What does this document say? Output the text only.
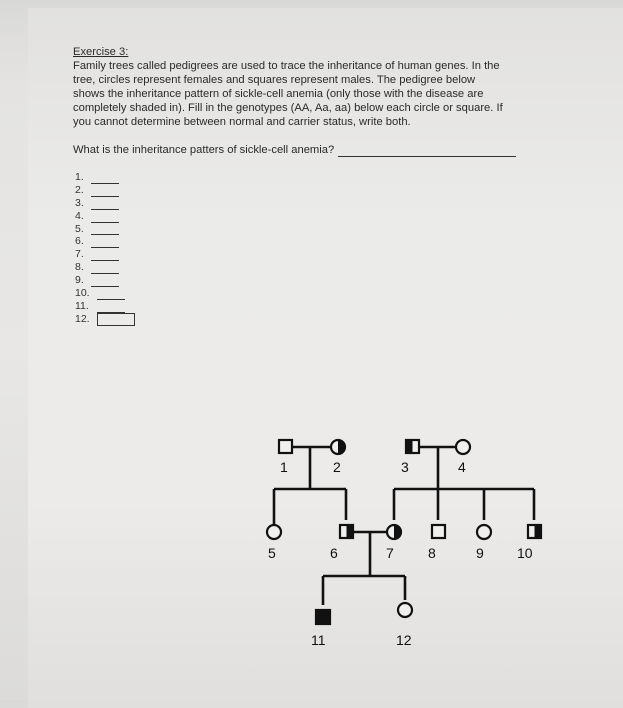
Exercise 3:

Family trees called pedigrees are used to trace the inheritance of human genes. In the
tree, circles represent females and squares represent males. The pedigree below
shows the inheritance pattern of sickle-cell anemia (only those with the disease are
completely shaded in). Fill in the genotypes (AA, Aa, aa) below each circle or square. If
you cannot determine between normal and carrier status, write both.

What is the inheritance patters of sickle-cell anemia?
1.
2.
3.
4.
5.
6.
7.
8.
9.
10.
11.
12.
1	2	3	4
5	6	7 8	9 10
11	12
